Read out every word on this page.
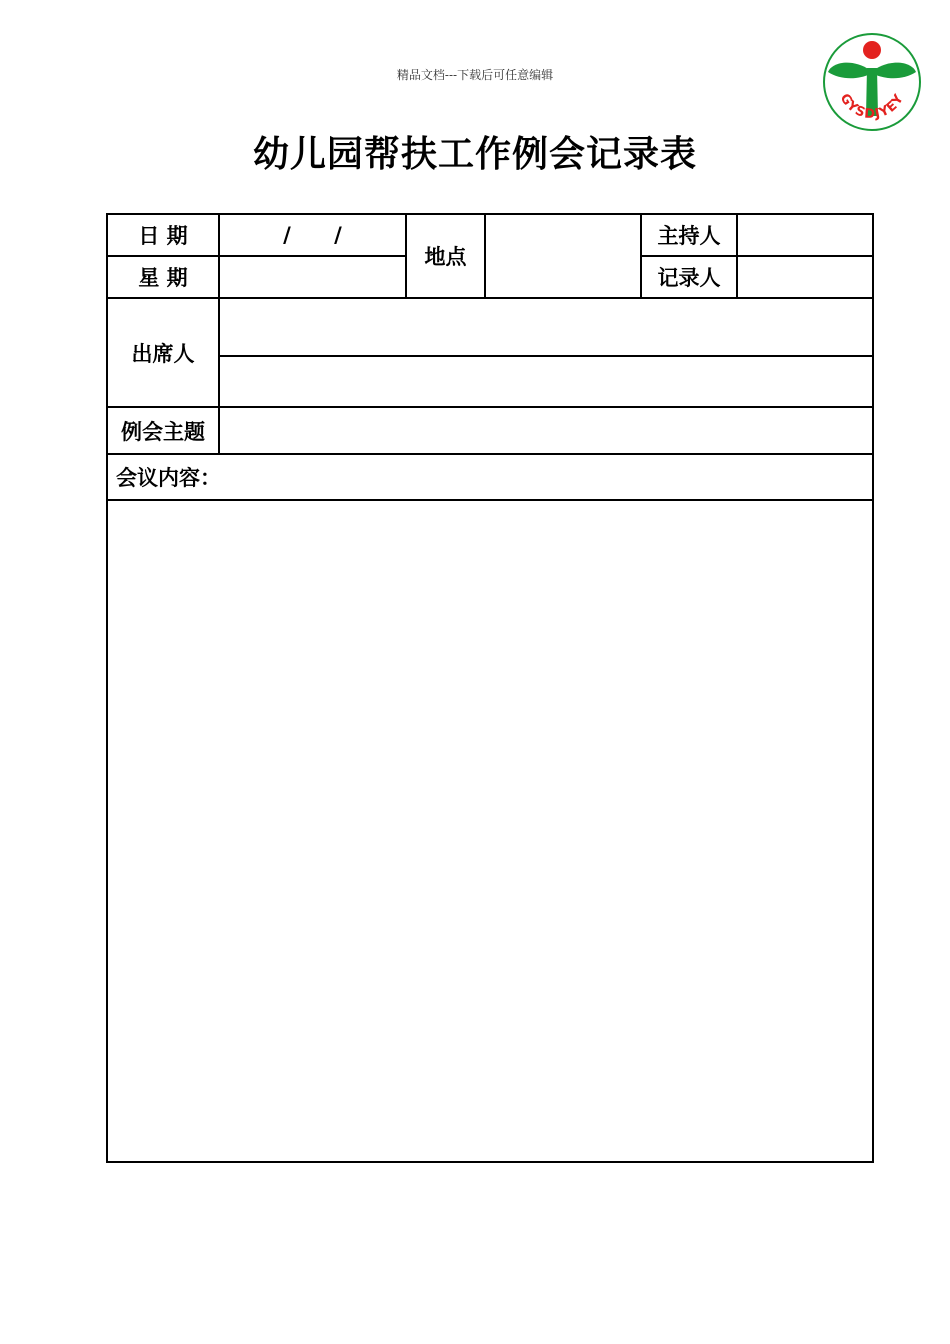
精品文档---下载后可任意编辑
GYSDJYEY
幼儿园帮扶工作例会记录表
日 期	/ /	地点		主持人	
星 期				记录人	
出席人					

例会主题					
会议内容：					
